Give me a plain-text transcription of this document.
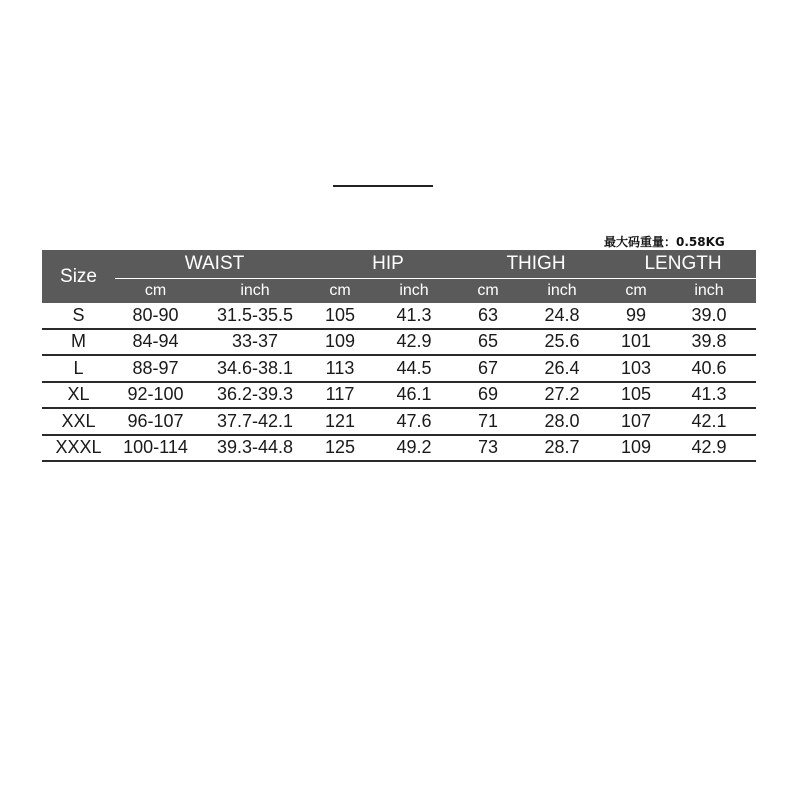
最大码重量：0.58KG
Size	WAIST		HIP		THIGH		LENGTH	
	cm	inch	cm	inch	cm	inch	cm	inch
S	80-90	31.5-35.5	105	41.3	63	24.8	99	39.0
M	84-94	33-37	109	42.9	65	25.6	101	39.8
L	88-97	34.6-38.1	113	44.5	67	26.4	103	40.6
XL	92-100	36.2-39.3	117	46.1	69	27.2	105	41.3
XXL	96-107	37.7-42.1	121	47.6	71	28.0	107	42.1
XXXL	100-114	39.3-44.8	125	49.2	73	28.7	109	42.9
